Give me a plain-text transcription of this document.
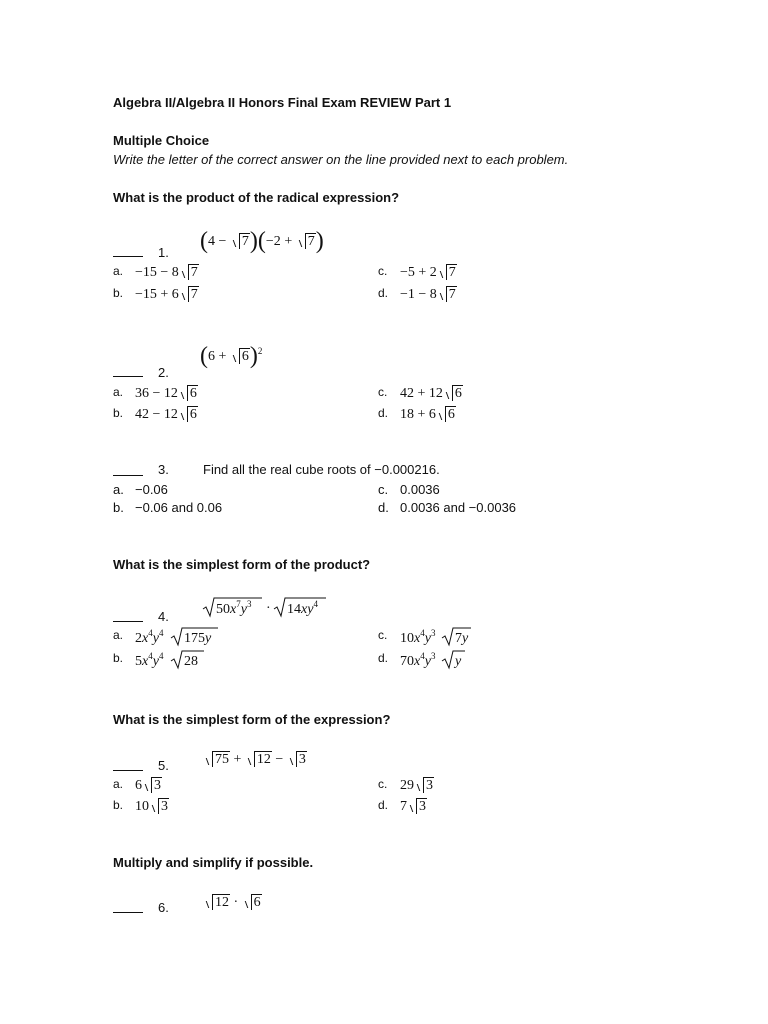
Algebra II/Algebra II Honors Final Exam REVIEW Part 1
Multiple Choice
Write the letter of the correct answer on the line provided next to each problem.
What is the product of the radical expression?
1. (4 − 7)(−2 + 7)
a. −15 − 8 7
b. −15 + 6 7
c. −5 + 2 7
d. −1 − 8 7
2.
$(6 + 6)^2$
a. 36 − 12 6
b. 42 − 12 6
c. 42 + 12 6
d. 18 + 6 6
3.	Find all the real cube roots of −0.000216.
a. −0.06
b. −0.06 and 0.06
c. 0.0036
d. 0.0036 and −0.0036
What is the simplest form of the product?
4.	$50x^7y^3 \cdot 14xy^4$
a. $2x^4y^4$ 175y
b. $5x^4y^4$ 28
c. $10x^4y^3$ 7y
d. $70x^4y^3$ y
What is the simplest form of the expression?
5.	75 + 12 − 3
a. 6 3
b. 10 3
c. 29 3
d. 7 3
Multiply and simplify if possible.
6.	12 · 6
